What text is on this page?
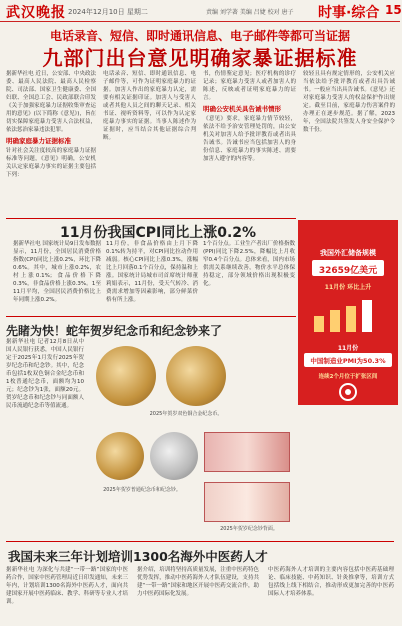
武汉晚报 2024年12月10日 星期二	责编 刘学著 美编 吕婕 校对 唐子 时事·综合 15
电话录音、短信、即时通讯信息、电子邮件等都可当证据
九部门出台意见明确家暴证据标准

据新华社电 近日，公安部、中央政法委、最高人民法院、最高人民检察院、司法部、国家卫生健康委、全国妇联、全国总工会、民政部联合印发《关于加强家庭暴力证据收集审查运用的意见》(以下简称《意见》)，旨在切实保障家庭暴力受害人合法权益，依法惩治家暴违法犯罪。

明确家庭暴力证据标准

针对社会关注度较高的家庭暴力证据标准等问题，《意见》明确，公安机关认定家庭暴力事实的证据主要包括下列：

电话录音、短信、即时通讯信息、电子邮件等，可作为证明家庭暴力的证据。加害人作出的家庭暴力认定，需要有相关证据印证。加害人与受害人或者其他人员之间的聊天记录、相关书证、视听资料等，可以作为认定家庭暴力事实的证据。当事人陈述作为证据时，应当结合其他证据综合判断。

书，伤情鉴定意见；医疗机构的诊疗记录；家庭暴力受害人或者加害人的陈述，反映或者证明家庭暴力的证言。

明确公安机关具告诫书情形

《意见》要求，家庭暴力情节较轻，依法不给予治安管理处罚的，由公安机关对加害人给予批评教育或者出具告诫书。告诫书应当包括加害人的身份信息、家庭暴力的事实陈述、需要加害人遵守的内容等。

较轻且具有规定情形的，公安机关应当依法给予批评教育或者出具告诫书。一般应当出具告诫书。《意见》还对家庭暴力受害人的权益保护作出规定。截至目前，家庭暴力伤害案件的办理正在逐步规范。据了解，2023年，全国法院共签发人身安全保护令数千份。

11月份我国CPI同比上涨0.2%

据新华社电 国家统计局9日发布数据显示，11月份，全国居民消费价格指数(CPI)同比上涨0.2%，环比下降0.6%。其中，城市上涨0.2%，农村上涨0.1%；食品价格下降0.3%，非食品价格上涨0.3%。1至11月平均，全国居民消费价格比上年同期上涨0.2%。

11月份，非食品价格由上月下降0.1%转为持平，对CPI同比拉动作用减弱。核心CPI同比上涨0.3%，涨幅比上月回落0.1个百分点，保持温和上涨。国家统计局城市司首席统计师董莉娟表示，11月份，受天气转冷、消费需求增加等因素影响，部分鲜菜价格有所上涨。

1个百分点。工业生产者出厂价格指数(PPI)同比下降2.5%，降幅比上月收窄0.4个百分点。总体来看，国内市场供需关系继续改善，物价水平总体保持稳定，部分领域价格出现积极变化。

我国外汇储备规模
32659亿美元
11月份 环比上升
11月份
中国制造业PMI为50.3%
连续2个月位于扩张区间
先睹为快！蛇年贺岁纪念币和纪念钞来了

据新华社电 记者12月8日从中国人民银行获悉，中国人民银行定于2025年1月发行2025年贺岁纪念币和纪念钞。其中，纪念币包括1枚双色铜合金纪念币和1枚普通纪念币，面额均为10元；纪念钞为1张，面额20元。贺岁纪念币和纪念钞与同面额人民币流通纪念币等值流通。

2025年贺岁双色铜合金纪念币。
2025年贺岁普通纪念币和纪念钞。
2025年贺岁纪念钞背面。
我国未来三年计划培训1300名海外中医药人才

据新华社电 为深化与共建“一带一路”国家的中医药合作，国家中医药管理局近日印发通知，未来三年内，计划培训1300名海外中医药人才，面向共建国家开展中医药临床、教学、科研等专业人才培训。

据介绍，培训将坚持高质量发展，注重中医药特色优势发挥，推动中医药海外人才队伍建设，支持共建“一带一路”国家和地区开展中医药交流合作，助力中医药国际化发展。

中医药海外人才培训的主要内容包括中医药基础理论、临床技能、中药知识、针灸推拿等，培训方式包括线上线下相结合，推动形成更加完善的中医药国际人才培养体系。
